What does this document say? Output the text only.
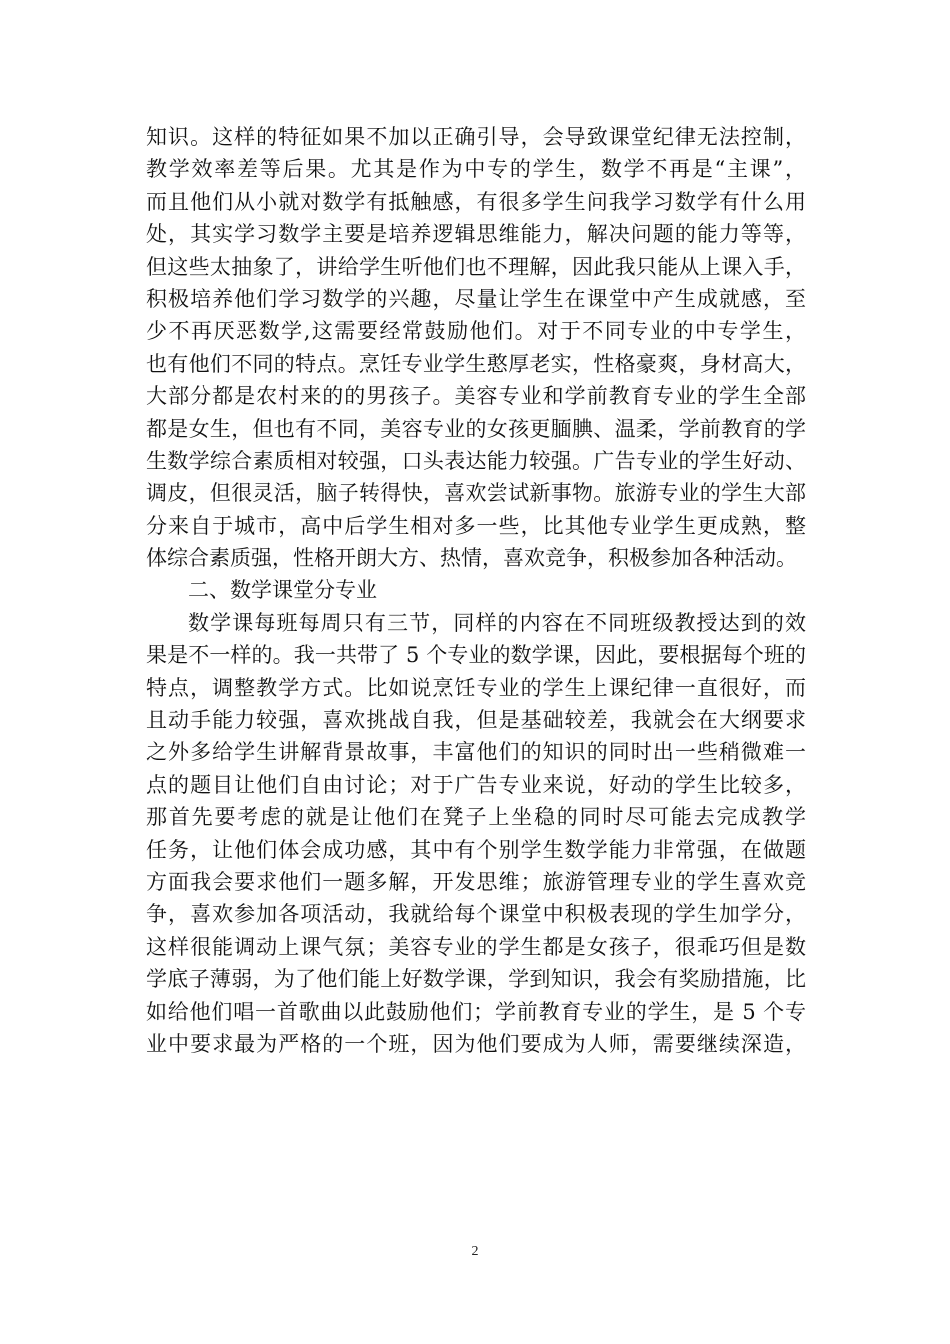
知识。这样的特征如果不加以正确引导，会导致课堂纪律无法控制，
教学效率差等后果。尤其是作为中专的学生，数学不再是“主课”，
而且他们从小就对数学有抵触感，有很多学生问我学习数学有什么用
处，其实学习数学主要是培养逻辑思维能力，解决问题的能力等等，
但这些太抽象了，讲给学生听他们也不理解，因此我只能从上课入手，
积极培养他们学习数学的兴趣，尽量让学生在课堂中产生成就感，至
少不再厌恶数学,这需要经常鼓励他们。对于不同专业的中专学生，
也有他们不同的特点。烹饪专业学生憨厚老实，性格豪爽，身材高大，
大部分都是农村来的的男孩子。美容专业和学前教育专业的学生全部
都是女生，但也有不同，美容专业的女孩更腼腆、温柔，学前教育的学
生数学综合素质相对较强，口头表达能力较强。广告专业的学生好动、
调皮，但很灵活，脑子转得快，喜欢尝试新事物。旅游专业的学生大部
分来自于城市，高中后学生相对多一些，比其他专业学生更成熟，整
体综合素质强，性格开朗大方、热情，喜欢竞争，积极参加各种活动。
二、数学课堂分专业
数学课每班每周只有三节，同样的内容在不同班级教授达到的效
果是不一样的。我一共带了 5 个专业的数学课，因此，要根据每个班的
特点，调整教学方式。比如说烹饪专业的学生上课纪律一直很好，而
且动手能力较强，喜欢挑战自我，但是基础较差，我就会在大纲要求
之外多给学生讲解背景故事，丰富他们的知识的同时出一些稍微难一
点的题目让他们自由讨论；对于广告专业来说，好动的学生比较多，
那首先要考虑的就是让他们在凳子上坐稳的同时尽可能去完成教学
任务，让他们体会成功感，其中有个别学生数学能力非常强，在做题
方面我会要求他们一题多解，开发思维；旅游管理专业的学生喜欢竞
争，喜欢参加各项活动，我就给每个课堂中积极表现的学生加学分，
这样很能调动上课气氛；美容专业的学生都是女孩子，很乖巧但是数
学底子薄弱，为了他们能上好数学课，学到知识，我会有奖励措施，比
如给他们唱一首歌曲以此鼓励他们；学前教育专业的学生，是 5 个专
业中要求最为严格的一个班，因为他们要成为人师，需要继续深造，
2
